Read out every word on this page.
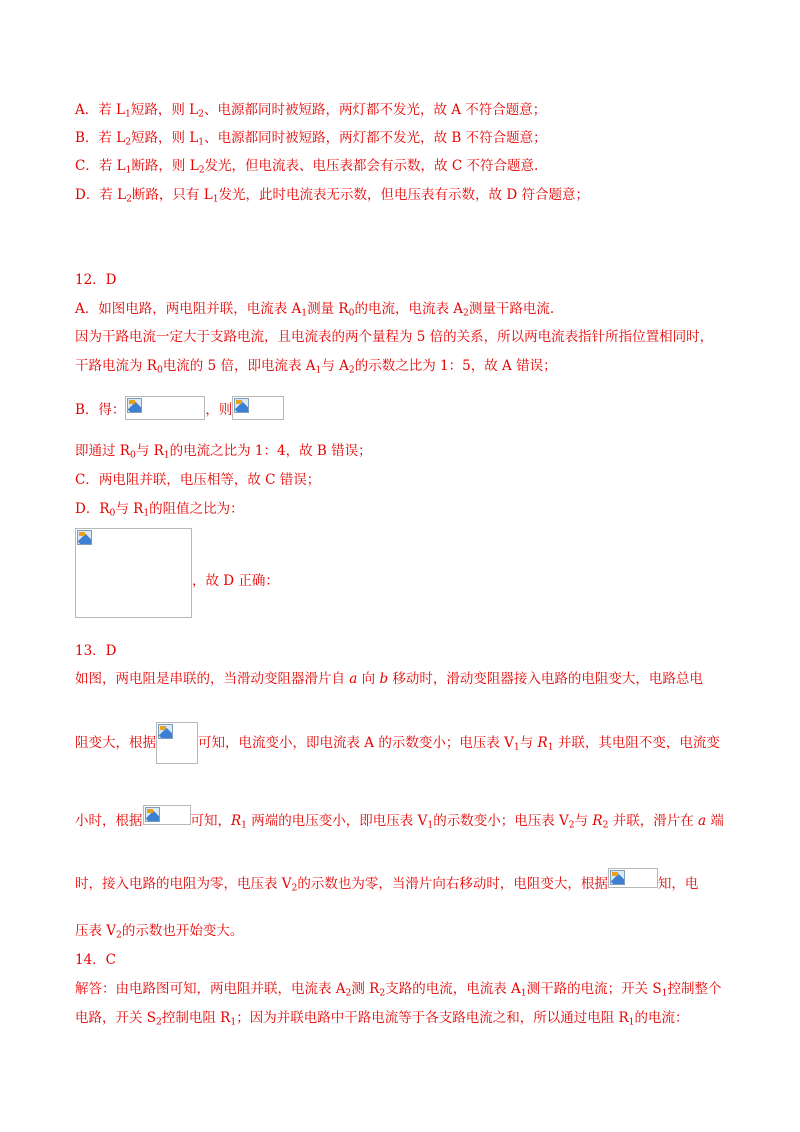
A．若 $L_1$短路，则 $L_2$、电源都同时被短路，两灯都不发光，故 A 不符合题意；
B．若 $L_2$短路，则 $L_1$、电源都同时被短路，两灯都不发光，故 B 不符合题意；
C．若 $L_1$断路，则 $L_2$发光，但电流表、电压表都会有示数，故 C 不符合题意.
D．若 $L_2$断路，只有 $L_1$发光，此时电流表无示数，但电压表有示数，故 D 符合题意；
12．D
A．如图电路，两电阻并联，电流表 $A_1$测量 $R_0$的电流，电流表 $A_2$测量干路电流.
因为干路电流一定大于支路电流，且电流表的两个量程为 5 倍的关系，所以两电流表指针所指位置相同时，
干路电流为 $R_0$电流的 5 倍，即电流表 $A_1$与 $A_2$的示数之比为 1：5，故 A 错误；
B．得：	，则
即通过 $R_0$与 $R_1$的电流之比为 1：4，故 B 错误；
C．两电阻并联，电压相等，故 C 错误；
D．$R_0$与 $R_1$的阻值之比为：
，故 D 正确：
13．D
如图，两电阻是串联的，当滑动变阻器滑片自 a 向 b 移动时，滑动变阻器接入电路的电阻变大，电路总电
阻变大，根据	可知，电流变小，即电流表 A 的示数变小；电压表 $V_1$与 $R_1$ 并联，其电阻不变，电流变
小时，根据	可知，$R_1$ 两端的电压变小，即电压表 $V_1$的示数变小；电压表 $V_2$与 $R_2$ 并联，滑片在 a 端
时，接入电路的电阻为零，电压表 $V_2$的示数也为零，当滑片向右移动时，电阻变大，根据	知，电
压表 $V_2$的示数也开始变大。
14．C
解答：由电路图可知，两电阻并联，电流表 $A_2$测 $R_2$支路的电流，电流表 $A_1$测干路的电流；开关 $S_1$控制整个
电路，开关 $S_2$控制电阻 $R_1$；因为并联电路中干路电流等于各支路电流之和，所以通过电阻 $R_1$的电流：
